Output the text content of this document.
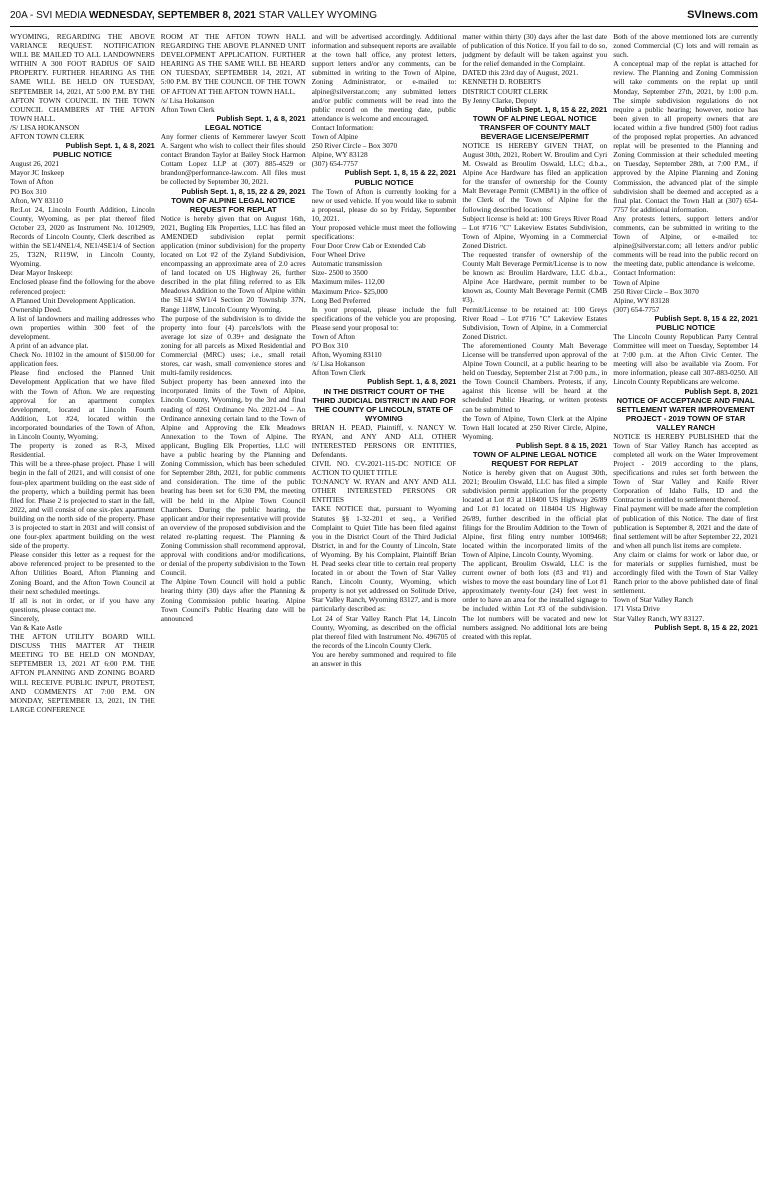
20A - SVI MEDIA WEDNESDAY, SEPTEMBER 8, 2021 STAR VALLEY WYOMING	SVInews.com

WYOMING, REGARDING THE ABOVE VARIANCE REQUEST. NOTIFICATION WILL BE MAILED TO ALL LANDOWNERS WITHIN A 300 FOOT RADIUS OF SAID PROPERTY. FURTHER HEARING AS THE SAME WILL BE HELD ON TUESDAY, SEPTEMBER 14, 2021, AT 5:00 P.M. BY THE AFTON TOWN COUNCIL IN THE TOWN COUNCIL CHAMBERS AT THE AFTON TOWN HALL.

/S/ LISA HOKANSON

AFTON TOWN CLERK

Publish Sept. 1, & 8, 2021

PUBLIC NOTICE

August 26, 2021

Mayor JC Inskeep

Town of Afton

PO Box 310

Afton, WY 83110

Re:Lot 24, Lincoln Fourth Addition, Lincoln County, Wyoming, as per plat thereof filed October 23, 2020 as Instrument No. 1012909, Records of Lincoln County, Clerk described as within the SE1/4NE1/4, NE1/4SE1/4 of Section 25, T32N, R119W, in Lincoln County, Wyoming.

Dear Mayor Inskeep:

Enclosed please find the following for the above referenced project:

A Planned Unit Development Application.

Ownership Deed.

A list of landowners and mailing addresses who own properties within 300 feet of the development.

A print of an advance plat.

Check No. 10102 in the amount of $150.00 for application fees.

Please find enclosed the Planned Unit Development Application that we have filed with the Town of Afton. We are requesting approval for an apartment complex development, located at Lincoln Fourth Addition, Lot #24, located within the incorporated boundaries of the Town of Afton, in Lincoln County, Wyoming.

The property is zoned as R-3, Mixed Residential.

This will be a three-phase project. Phase 1 will begin in the fall of 2021, and will consist of one four-plex apartment building on the east side of the property, which a building permit has been filed for. Phase 2 is projected to start in the fall, 2022, and will consist of one six-plex apartment building on the north side of the property. Phase 3 is projected to start in 2031 and will consist of one four-plex apartment building on the west side of the property.

Please consider this letter as a request for the above referenced project to be presented to the Afton Utilities Board, Afton Planning and Zoning Board, and the Afton Town Council at their next scheduled meetings.

If all is not in order, or if you have any questions, please contact me.

Sincerely,

Van & Kate Astle

THE AFTON UTILITY BOARD WILL DISCUSS THIS MATTER AT THEIR MEETING TO BE HELD ON MONDAY, SEPTEMBER 13, 2021 AT 6:00 P.M. THE AFTON PLANNING AND ZONING BOARD WILL RECEIVE PUBLIC INPUT, PROTEST, AND COMMENTS AT 7:00 P.M. ON MONDAY, SEPTEMBER 13, 2021, IN THE LARGE CONFERENCE

ROOM AT THE AFTON TOWN HALL REGARDING THE ABOVE PLANNED UNIT DEVELOPMENT APPLICATION. FURTHER HEARING AS THE SAME WILL BE HEARD ON TUESDAY, SEPTEMBER 14, 2021, AT 5:00 P.M. BY THE COUNCIL OF THE TOWN OF AFTON AT THE AFTON TOWN HALL.

/s/ Lisa Hokanson

Afton Town Clerk

Publish Sept. 1, & 8, 2021

LEGAL NOTICE

Any former clients of Kemmerer lawyer Scott A. Sargent who wish to collect their files should contact Brandon Taylor at Bailey Stock Harmon Cottam Lopez LLP at (307) 885-4529 or brandon@performance-law.com. All files must be collected by September 30, 2021.

Publish Sept. 1, 8, 15, 22 & 29, 2021

TOWN OF ALPINE LEGAL NOTICE REQUEST FOR REPLAT

Notice is hereby given that on August 16th, 2021, Bugling Elk Properties, LLC has filed an AMENDED subdivision replat permit application (minor subdivision) for the property located on Lot #2 of the Zyland Subdivision, encompassing an approximate area of 2.0 acres of land located on US Highway 26, further described in the plat filing referred to as Elk Meadows Addition to the Town of Alpine within the SE1/4 SW1/4 Section 20 Township 37N, Range 118W, Lincoln County Wyoming.

The purpose of the subdivision is to divide the property into four (4) parcels/lots with the average lot size of 0.39+ and designate the zoning for all parcels as Mixed Residential and Commercial (MRC) uses; i.e., small retail stores, car wash, small convenience stores and multi-family residences.

Subject property has been annexed into the incorporated limits of the Town of Alpine, Lincoln County, Wyoming, by the 3rd and final reading of #261 Ordinance No. 2021-04 – An Ordinance annexing certain land to the Town of Alpine and Approving the Elk Meadows Annexation to the Town of Alpine. The applicant, Bugling Elk Properties, LLC will have a public hearing by the Planning and Zoning Commission, which has been scheduled for September 28th, 2021, for public comments and consideration. The time of the public hearing has been set for 6:30 PM, the meeting will be held in the Alpine Town Council Chambers. During the public hearing, the applicant and/or their representative will provide an overview of the proposed subdivision and the related re-platting request. The Planning & Zoning Commission shall recommend approval, approval with conditions and/or modifications, or denial of the property subdivision to the Town Council.

The Alpine Town Council will hold a public hearing thirty (30) days after the Planning & Zoning Commission public hearing. Alpine Town Council's Public Hearing date will be announced

and will be advertised accordingly. Additional information and subsequent reports are available at the town hall office, any protest letters, support letters and/or any comments, can be submitted in writing to the Town of Alpine, Zoning Administrator, or e-mailed to: alpine@silverstar.com; any submitted letters and/or public comments will be read into the public record on the meeting date, public attendance is welcome and encouraged.

Contact Information:

Town of Alpine

250 River Circle – Box 3070

Alpine, WY 83128

(307) 654-7757

Publish Sept. 1, 8, 15 & 22, 2021

PUBLIC NOTICE

The Town of Afton is currently looking for a new or used vehicle. If you would like to submit a proposal, please do so by Friday, September 10, 2021.

Your proposed vehicle must meet the following specifications:

Four Door Crew Cab or Extended Cab

Four Wheel Drive

Automatic transmission

Size- 2500 to 3500

Maximum miles- 112,00

Maximum Price- $25,000

Long Bed Preferred

In your proposal, please include the full specifications of the vehicle you are proposing. Please send your proposal to:

Town of Afton

PO Box 310

Afton, Wyoming 83110

/s/ Lisa Hokanson

Afton Town Clerk

Publish Sept. 1, & 8, 2021

IN THE DISTRICT COURT OF THE THIRD JUDICIAL DISTRICT IN AND FOR THE COUNTY OF LINCOLN, STATE OF WYOMING

BRIAN H. PEAD, Plaintiff, v. NANCY W. RYAN, and ANY AND ALL OTHER INTERESTED PERSONS OR ENTITIES, Defendants.

CIVIL NO. CV-2021-115-DC NOTICE OF ACTION TO QUIET TITLE

TO:NANCY W. RYAN and ANY AND ALL OTHER INTERESTED PERSONS OR ENTITIES

TAKE NOTICE that, pursuant to Wyoming Statutes §§ 1-32-201 et seq., a Verified Complaint to Quiet Title has been filed against you in the District Court of the Third Judicial District, in and for the County of Lincoln, State of Wyoming. By his Complaint, Plaintiff Brian H. Pead seeks clear title to certain real property located in or about the Town of Star Valley Ranch, Lincoln County, Wyoming, which property is not yet addressed on Solitude Drive, Star Valley Ranch, Wyoming 83127, and is more particularly described as:

Lot 24 of Star Valley Ranch Plat 14, Lincoln County, Wyoming, as described on the official plat thereof filed with Instrument No. 496705 of the records of the Lincoln County Clerk.

You are hereby summoned and required to file an answer in this

matter within thirty (30) days after the last date of publication of this Notice. If you fail to do so, judgment by default will be taken against you for the relief demanded in the Complaint.

DATED this 23rd day of August, 2021.

KENNETH D. ROBERTS

DISTRICT COURT CLERK

By Jenny Clarke, Deputy

Publish Sept. 1, 8, 15 & 22, 2021

TOWN OF ALPINE LEGAL NOTICE TRANSFER OF COUNTY MALT BEVERAGE LICENSE/PERMIT

NOTICE IS HEREBY GIVEN THAT, on August 30th, 2021, Robert W. Broulim and Cyri M. Oswald as Broulim Oswald, LLC; d.b.a., Alpine Ace Hardware has filed an application for the transfer of ownership for the County Malt Beverage Permit (CMB#1) in the office of the Clerk of the Town of Alpine for the following described locations:

Subject license is held at: 100 Greys River Road – Lot #716 "C" Lakeview Estates Subdivision, Town of Alpine, Wyoming in a Commercial Zoned District.

The requested transfer of ownership of the County Malt Beverage Permit/License is to now be known as: Broulim Hardware, LLC d.b.a., Alpine Ace Hardware, permit number to be known as, County Malt Beverage Permit (CMB #3).

Permit/License to be retained at: 100 Greys River Road – Lot #716 "C" Lakeview Estates Subdivision, Town of Alpine, in a Commercial Zoned District.

The aforementioned County Malt Beverage License will be transferred upon approval of the Alpine Town Council, at a public hearing to be held on Tuesday, September 21st at 7:00 p.m., in the Town Council Chambers. Protests, if any, against this license will be heard at the scheduled Public Hearing, or written protests can be submitted to

the Town of Alpine, Town Clerk at the Alpine Town Hall located at 250 River Circle, Alpine, Wyoming.

Publish Sept. 8 & 15, 2021

TOWN OF ALPINE LEGAL NOTICE REQUEST FOR REPLAT

Notice is hereby given that on August 30th, 2021; Broulim Oswald, LLC has filed a simple subdivision permit application for the property located at Lot #3 at 118400 US Highway 26/89 and Lot #1 located on 118404 US Highway 26/89, further described in the official plat filings for the Broulim Addition to the Town of Alpine, first filing entry number 1009468; located within the incorporated limits of the Town of Alpine, Lincoln County, Wyoming.

The applicant, Broulim Oswald, LLC is the current owner of both lots (#3 and #1) and wishes to move the east boundary line of Lot #1 approximately twenty-four (24) feet west in order to have an area for the installed signage to be included within Lot #3 of the subdivision. The lot numbers will be vacated and new lot numbers assigned. No additional lots are being created with this replat.

Both of the above mentioned lots are currently zoned Commercial (C) lots and will remain as such.

A conceptual map of the replat is attached for review. The Planning and Zoning Commission will take comments on the replat up until Monday, September 27th, 2021, by 1:00 p.m. The simple subdivision regulations do not require a public hearing; however, notice has been given to all property owners that are located within a five hundred (500) foot radius of the proposed replat properties. An advanced replat will be presented to the Planning and Zoning Commission at their scheduled meeting on Tuesday, September 28th, at 7:00 P.M., if approved by the Alpine Planning and Zoning Commission, the advanced plat of the simple subdivision shall be deemed and accepted as a final plat. Contact the Town Hall at (307) 654-7757 for additional information.

Any protests letters, support letters and/or comments, can be submitted in writing to the Town of Alpine, or e-mailed to: alpine@silverstar.com; all letters and/or public comments will be read into the public record on the meeting date, public attendance is welcome.

Contact Information:

Town of Alpine

250 River Circle – Box 3070

Alpine, WY 83128

(307) 654-7757

Publish Sept. 8, 15 & 22, 2021

PUBLIC NOTICE

The Lincoln County Republican Party Central Committee will meet on Tuesday, September 14 at 7:00 p.m. at the Afton Civic Center. The meeting will also be available via Zoom. For more information, please call 307-883-0250. All Lincoln County Republicans are welcome.

Publish Sept. 8, 2021

NOTICE OF ACCEPTANCE AND FINAL SETTLEMENT WATER IMPROVEMENT PROJECT - 2019 TOWN OF STAR VALLEY RANCH

NOTICE IS HEREBY PUBLISHED that the Town of Star Valley Ranch has accepted as completed all work on the Water Improvement Project - 2019 according to the plans, specifications and rules set forth between the Town of Star Valley and Knife River Corporation of Idaho Falls, ID and the Contractor is entitled to settlement thereof.

Final payment will be made after the completion of publication of this Notice. The date of first publication is September 8, 2021 and the date of final settlement will be after September 22, 2021 and when all punch list items are complete.

Any claim or claims for work or labor due, or for materials or supplies furnished, must be accordingly filed with the Town of Star Valley Ranch prior to the above published date of final settlement.

Town of Star Valley Ranch

171 Vista Drive

Star Valley Ranch, WY 83127.

Publish Sept. 8, 15 & 22, 2021
